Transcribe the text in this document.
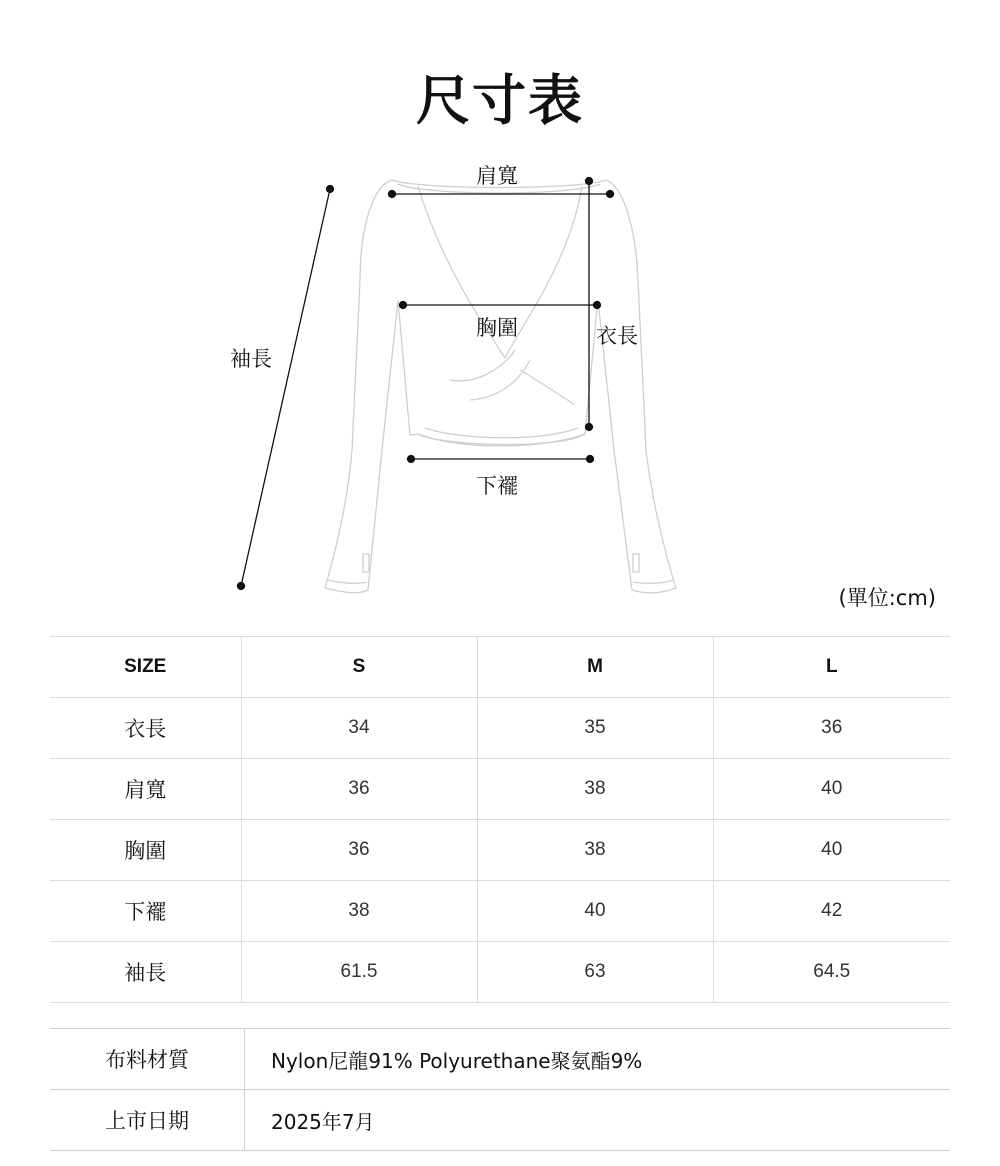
尺寸表
肩寬
胸圍	衣長
袖長
下襬
(單位:cm)
SIZE	S	M	L
衣長	34	35	36
肩寬	36	38	40
胸圍	36	38	40
下襬	38	40	42
袖長	61.5	63	64.5
布料材質	Nylon尼龍91% Polyurethane聚氨酯9%
上市日期	2025年7月
